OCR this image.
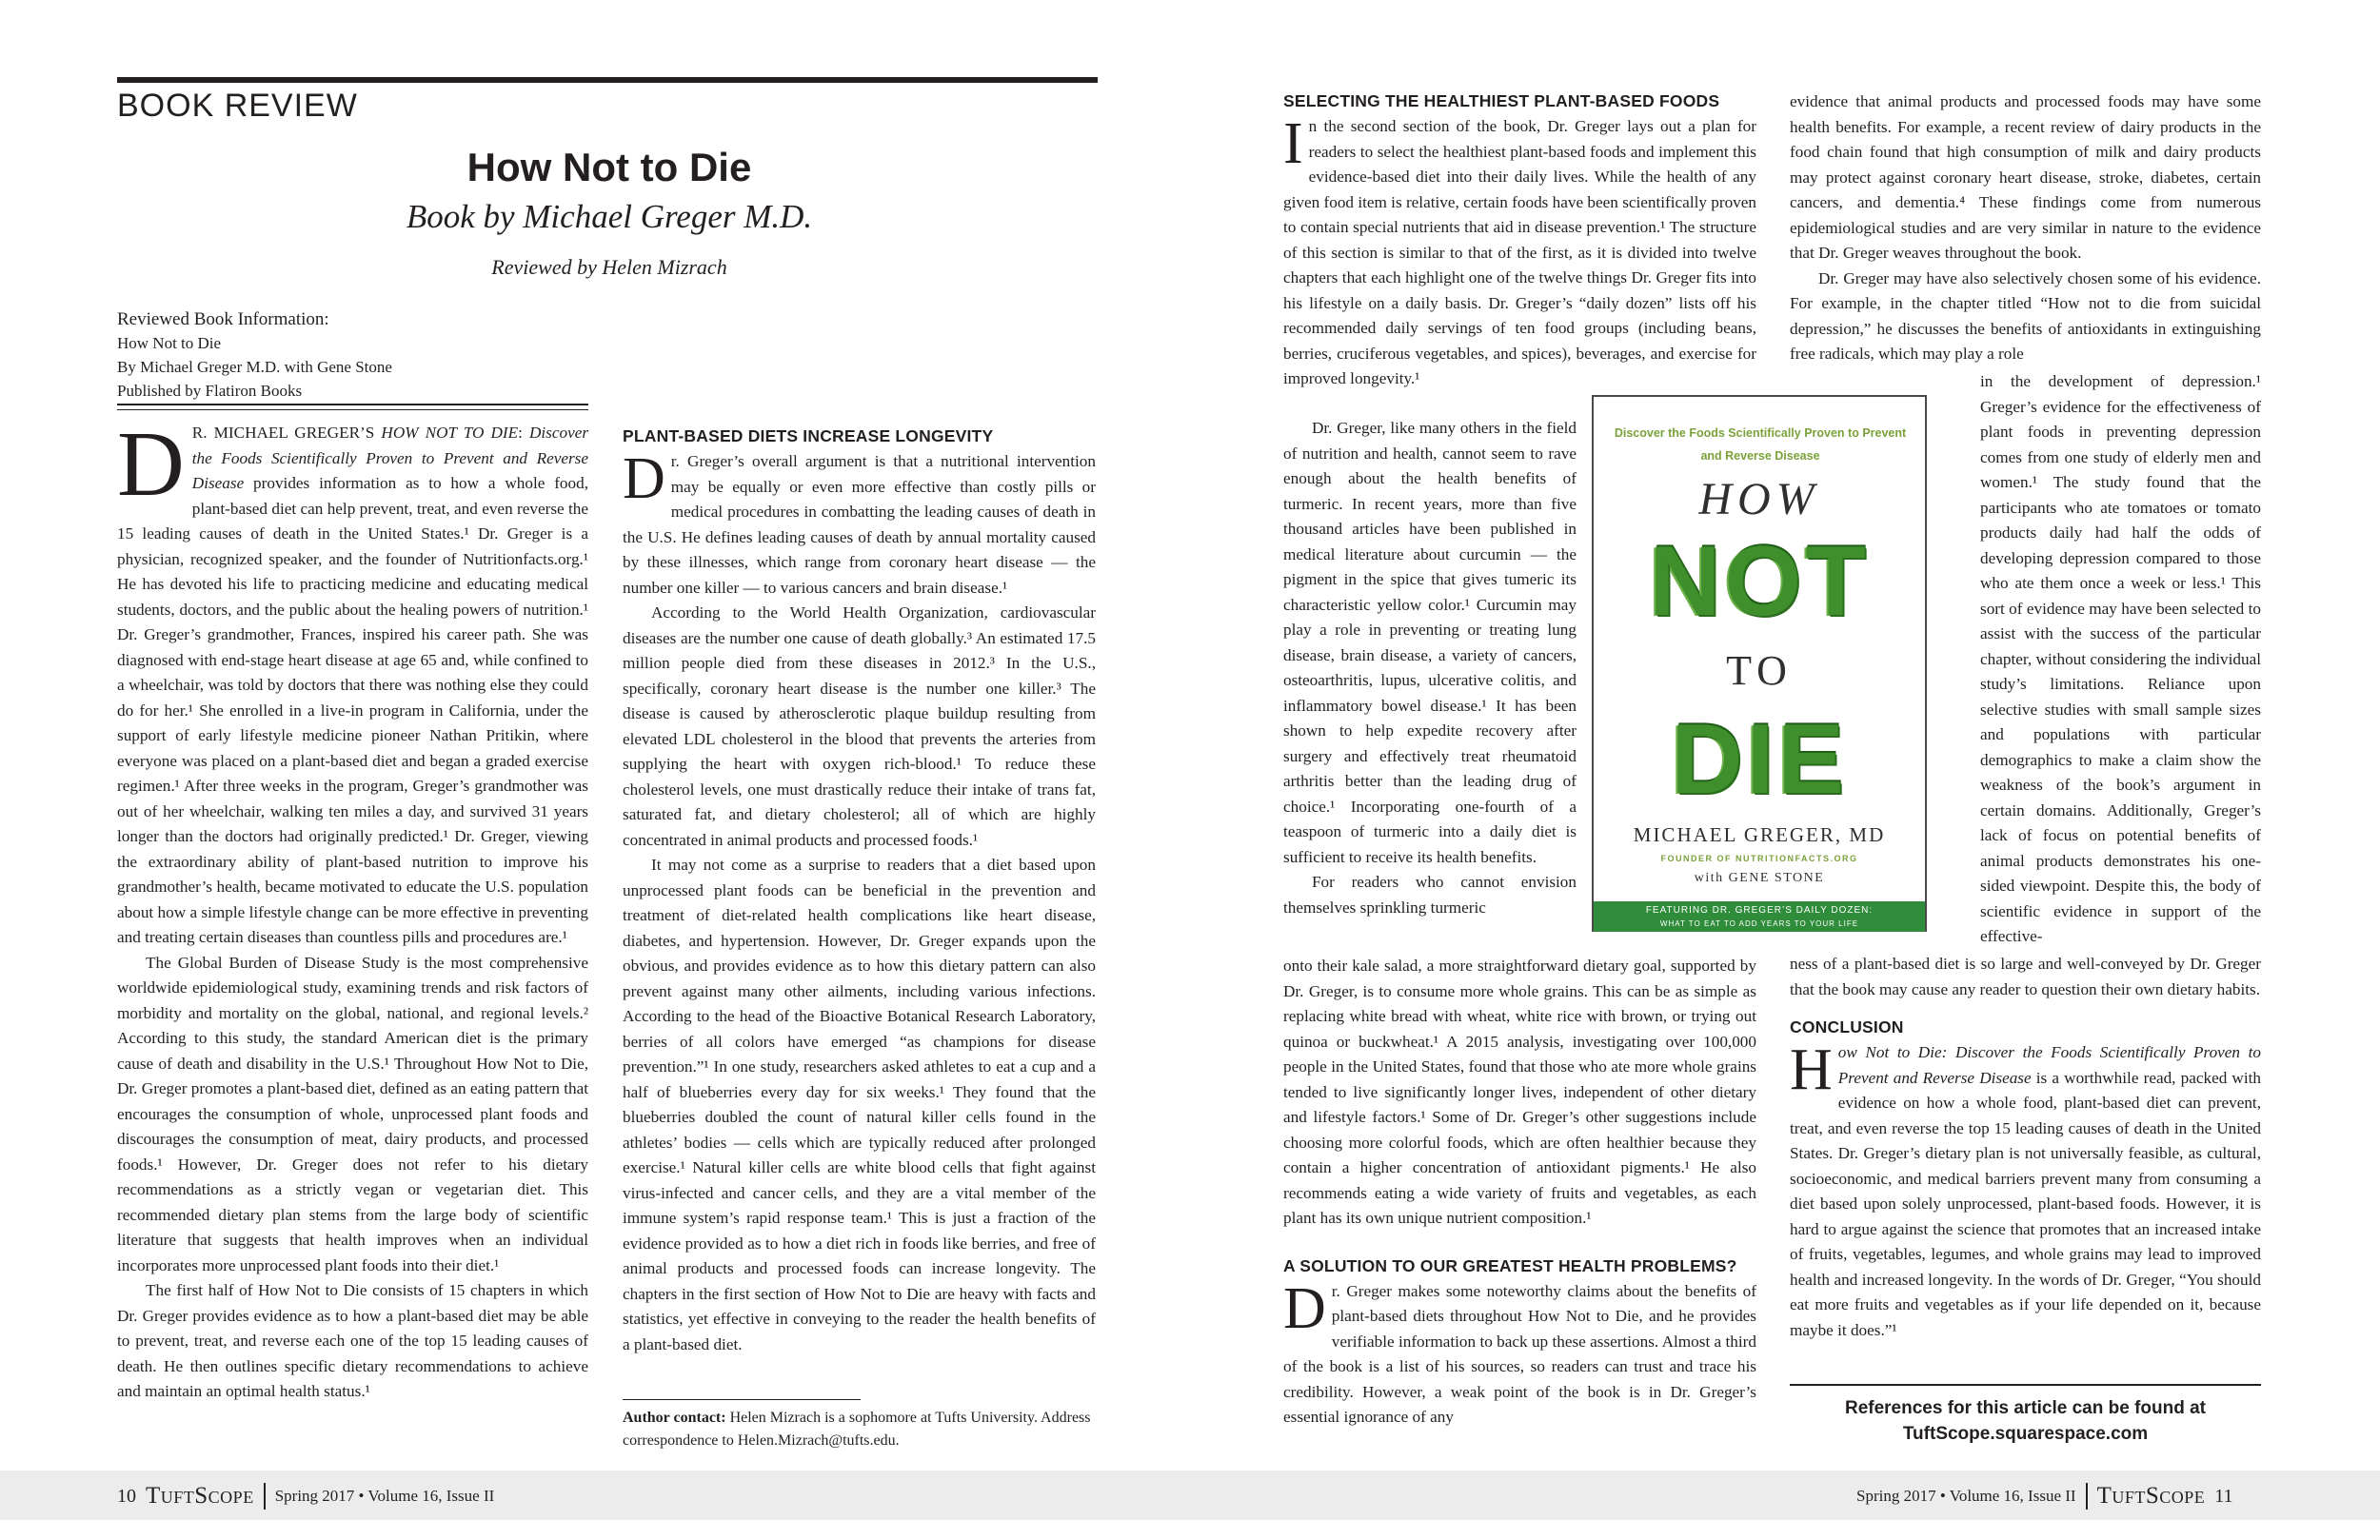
BOOK REVIEW
How Not to Die
Book by Michael Greger M.D.
Reviewed by Helen Mizrach
Reviewed Book Information:
How Not to Die
By Michael Greger M.D. with Gene Stone
Published by Flatiron Books

D R. MICHAEL GREGER’S HOW NOT TO DIE: Discover the Foods Scientifically Proven to Prevent and Reverse Disease provides information as to how a whole food, plant-based diet can help prevent, treat, and even reverse the 15 leading causes of death in the United States.¹ Dr. Greger is a physician, recognized speaker, and the founder of Nutritionfacts.org.¹ He has devoted his life to practicing medicine and educating medical students, doctors, and the public about the healing powers of nutrition.¹ Dr. Greger’s grandmother, Frances, inspired his career path. She was diagnosed with end-stage heart disease at age 65 and, while confined to a wheelchair, was told by doctors that there was nothing else they could do for her.¹ She enrolled in a live-in program in California, under the support of early lifestyle medicine pioneer Nathan Pritikin, where everyone was placed on a plant-based diet and began a graded exercise regimen.¹ After three weeks in the program, Greger’s grandmother was out of her wheelchair, walking ten miles a day, and survived 31 years longer than the doctors had originally predicted.¹ Dr. Greger, viewing the extraordinary ability of plant-based nutrition to improve his grandmother’s health, became motivated to educate the U.S. population about how a simple lifestyle change can be more effective in preventing and treating certain diseases than countless pills and procedures are.¹

The Global Burden of Disease Study is the most comprehensive worldwide epidemiological study, examining trends and risk factors of morbidity and mortality on the global, national, and regional levels.² According to this study, the standard American diet is the primary cause of death and disability in the U.S.¹ Throughout How Not to Die, Dr. Greger promotes a plant-based diet, defined as an eating pattern that encourages the consumption of whole, unprocessed plant foods and discourages the consumption of meat, dairy products, and processed foods.¹ However, Dr. Greger does not refer to his dietary recommendations as a strictly vegan or vegetarian diet. This recommended dietary plan stems from the large body of scientific literature that suggests that health improves when an individual incorporates more unprocessed plant foods into their diet.¹

The first half of How Not to Die consists of 15 chapters in which Dr. Greger provides evidence as to how a plant-based diet may be able to prevent, treat, and reverse each one of the top 15 leading causes of death. He then outlines specific dietary recommendations to achieve and maintain an optimal health status.¹

PLANT-BASED DIETS INCREASE LONGEVITY

Dr. Greger’s overall argument is that a nutritional intervention may be equally or even more effective than costly pills or medical procedures in combatting the leading causes of death in the U.S. He defines leading causes of death by annual mortality caused by these illnesses, which range from coronary heart disease — the number one killer — to various cancers and brain disease.¹

According to the World Health Organization, cardiovascular diseases are the number one cause of death globally.³ An estimated 17.5 million people died from these diseases in 2012.³ In the U.S., specifically, coronary heart disease is the number one killer.³ The disease is caused by atherosclerotic plaque buildup resulting from elevated LDL cholesterol in the blood that prevents the arteries from supplying the heart with oxygen rich-blood.¹ To reduce these cholesterol levels, one must drastically reduce their intake of trans fat, saturated fat, and dietary cholesterol; all of which are highly concentrated in animal products and processed foods.¹

It may not come as a surprise to readers that a diet based upon unprocessed plant foods can be beneficial in the prevention and treatment of diet-related health complications like heart disease, diabetes, and hypertension. However, Dr. Greger expands upon the obvious, and provides evidence as to how this dietary pattern can also prevent against many other ailments, including various infections. According to the head of the Bioactive Botanical Research Laboratory, berries of all colors have emerged “as champions for disease prevention.”¹ In one study, researchers asked athletes to eat a cup and a half of blueberries every day for six weeks.¹ They found that the blueberries doubled the count of natural killer cells found in the athletes’ bodies — cells which are typically reduced after prolonged exercise.¹ Natural killer cells are white blood cells that fight against virus-infected and cancer cells, and they are a vital member of the immune system’s rapid response team.¹ This is just a fraction of the evidence provided as to how a diet rich in foods like berries, and free of animal products and processed foods can increase longevity. The chapters in the first section of How Not to Die are heavy with facts and statistics, yet effective in conveying to the reader the health benefits of a plant-based diet.

Author contact: Helen Mizrach is a sophomore at Tufts University. Address correspondence to Helen.Mizrach@tufts.edu.
10 TuftScope Spring 2017 • Volume 16, Issue II	Spring 2017 • Volume 16, Issue II TuftScope 11
SELECTING THE HEALTHIEST PLANT-BASED FOODS

In the second section of the book, Dr. Greger lays out a plan for readers to select the healthiest plant-based foods and implement this evidence-based diet into their daily lives. While the health of any given food item is relative, certain foods have been scientifically proven to contain special nutrients that aid in disease prevention.¹ The structure of this section is similar to that of the first, as it is divided into twelve chapters that each highlight one of the twelve things Dr. Greger fits into his lifestyle on a daily basis. Dr. Greger’s “daily dozen” lists off his recommended daily servings of ten food groups (including beans, berries, cruciferous vegetables, and spices), beverages, and exercise for improved longevity.¹

Dr. Greger, like many others in the field of nutrition and health, cannot seem to rave enough about the health benefits of turmeric. In recent years, more than five thousand articles have been published in medical literature about curcumin — the pigment in the spice that gives tumeric its characteristic yellow color.¹ Curcumin may play a role in preventing or treating lung disease, brain disease, a variety of cancers, osteoarthritis, lupus, ulcerative colitis, and inflammatory bowel disease.¹ It has been shown to help expedite recovery after surgery and effectively treat rheumatoid arthritis better than the leading drug of choice.¹ Incorporating one-fourth of a teaspoon of turmeric into a daily diet is sufficient to receive its health benefits.

For readers who cannot envision themselves sprinkling turmeric

onto their kale salad, a more straightforward dietary goal, supported by Dr. Greger, is to consume more whole grains. This can be as simple as replacing white bread with wheat, white rice with brown, or trying out quinoa or buckwheat.¹ A 2015 analysis, investigating over 100,000 people in the United States, found that those who ate more whole grains tended to live significantly longer lives, independent of other dietary and lifestyle factors.¹ Some of Dr. Greger’s other suggestions include choosing more colorful foods, which are often healthier because they contain a higher concentration of antioxidant pigments.¹ He also recommends eating a wide variety of fruits and vegetables, as each plant has its own unique nutrient composition.¹

A SOLUTION TO OUR GREATEST HEALTH PROBLEMS?

Dr. Greger makes some noteworthy claims about the benefits of plant-based diets throughout How Not to Die, and he provides verifiable information to back up these assertions. Almost a third of the book is a list of his sources, so readers can trust and trace his credibility. However, a weak point of the book is in Dr. Greger’s essential ignorance of any

Discover the Foods Scientifically Proven to Prevent and Reverse Disease
HOW
NOT
TO
DIE
MICHAEL GREGER, MD
FOUNDER OF NUTRITIONFACTS.ORG
with GENE STONE
FEATURING DR. GREGER’S DAILY DOZEN:
WHAT TO EAT TO ADD YEARS TO YOUR LIFE

evidence that animal products and processed foods may have some health benefits. For example, a recent review of dairy products in the food chain found that high consumption of milk and dairy products may protect against coronary heart disease, stroke, diabetes, certain cancers, and dementia.⁴ These findings come from numerous epidemiological studies and are very similar in nature to the evidence that Dr. Greger weaves throughout the book.

Dr. Greger may have also selectively chosen some of his evidence. For example, in the chapter titled “How not to die from suicidal depression,” he discusses the benefits of antioxidants in extinguishing free radicals, which may play a role

in the development of depression.¹ Greger’s evidence for the effectiveness of plant foods in preventing depression comes from one study of elderly men and women.¹ The study found that the participants who ate tomatoes or tomato products daily had half the odds of developing depression compared to those who ate them once a week or less.¹ This sort of evidence may have been selected to assist with the success of the particular chapter, without considering the individual study’s limitations. Reliance upon selective studies with small sample sizes and populations with particular demographics to make a claim show the weakness of the book’s argument in certain domains. Additionally, Greger’s lack of focus on potential benefits of animal products demonstrates his one-sided viewpoint. Despite this, the body of scientific evidence in support of the effective-

ness of a plant-based diet is so large and well-conveyed by Dr. Greger that the book may cause any reader to question their own dietary habits.

CONCLUSION

How Not to Die: Discover the Foods Scientifically Proven to Prevent and Reverse Disease is a worthwhile read, packed with evidence on how a whole food, plant-based diet can prevent, treat, and even reverse the top 15 leading causes of death in the United States. Dr. Greger’s dietary plan is not universally feasible, as cultural, socioeconomic, and medical barriers prevent many from consuming a diet based upon solely unprocessed, plant-based foods. However, it is hard to argue against the science that promotes that an increased intake of fruits, vegetables, legumes, and whole grains may lead to improved health and increased longevity. In the words of Dr. Greger, “You should eat more fruits and vegetables as if your life depended on it, because maybe it does.”¹

References for this article can be found at
TuftScope.squarespace.com
